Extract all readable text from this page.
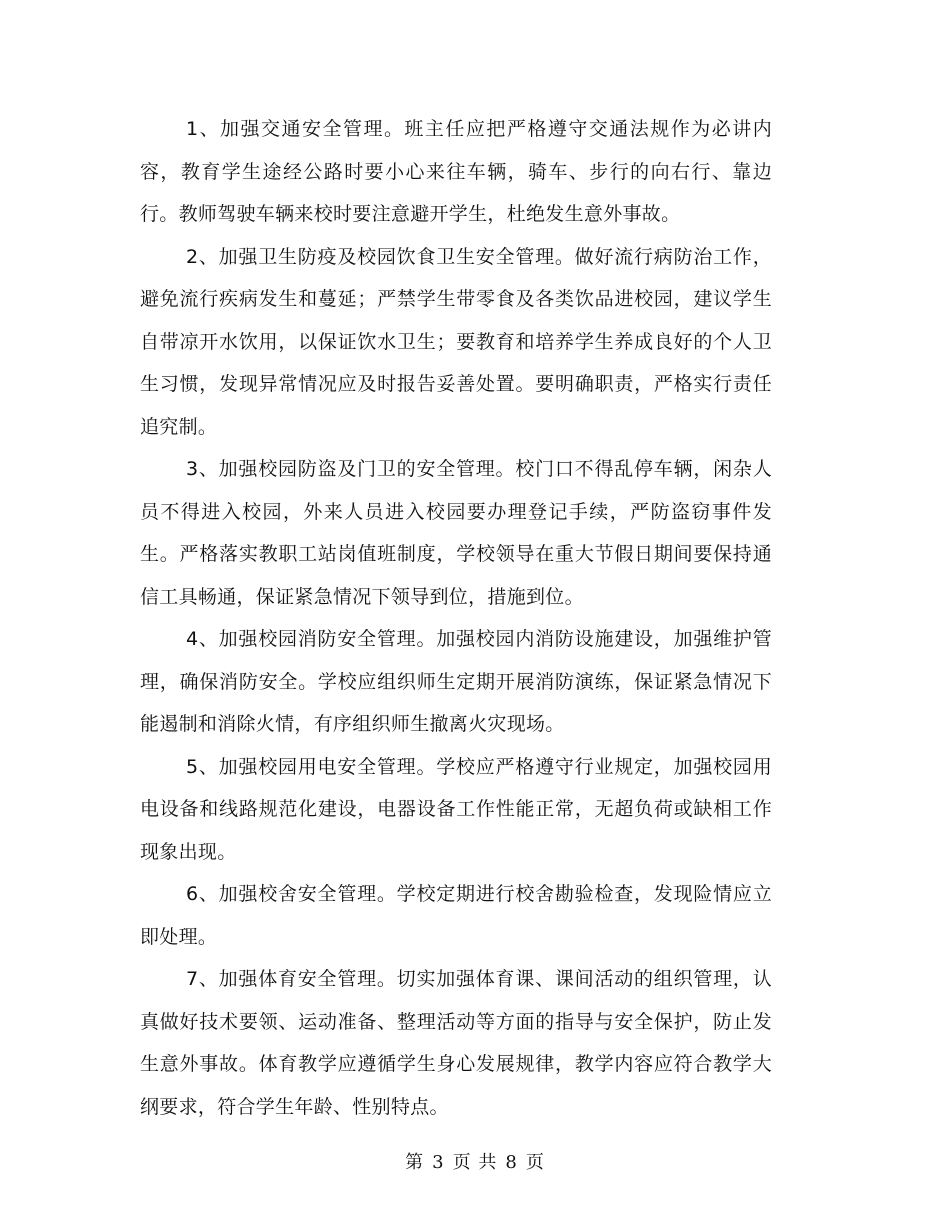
1、加强交通安全管理。班主任应把严格遵守交通法规作为必讲内容，教育学生途经公路时要小心来往车辆，骑车、步行的向右行、靠边行。教师驾驶车辆来校时要注意避开学生，杜绝发生意外事故。

2、加强卫生防疫及校园饮食卫生安全管理。做好流行病防治工作，避免流行疾病发生和蔓延；严禁学生带零食及各类饮品进校园，建议学生自带凉开水饮用，以保证饮水卫生；要教育和培养学生养成良好的个人卫生习惯，发现异常情况应及时报告妥善处置。要明确职责，严格实行责任追究制。

3、加强校园防盗及门卫的安全管理。校门口不得乱停车辆，闲杂人员不得进入校园，外来人员进入校园要办理登记手续，严防盗窃事件发生。严格落实教职工站岗值班制度，学校领导在重大节假日期间要保持通信工具畅通，保证紧急情况下领导到位，措施到位。

4、加强校园消防安全管理。加强校园内消防设施建设，加强维护管理，确保消防安全。学校应组织师生定期开展消防演练，保证紧急情况下能遏制和消除火情，有序组织师生撤离火灾现场。

5、加强校园用电安全管理。学校应严格遵守行业规定，加强校园用电设备和线路规范化建设，电器设备工作性能正常，无超负荷或缺相工作现象出现。

6、加强校舍安全管理。学校定期进行校舍勘验检查，发现险情应立即处理。

7、加强体育安全管理。切实加强体育课、课间活动的组织管理，认真做好技术要领、运动准备、整理活动等方面的指导与安全保护，防止发生意外事故。体育教学应遵循学生身心发展规律，教学内容应符合教学大纲要求，符合学生年龄、性别特点。

第 3 页 共 8 页
